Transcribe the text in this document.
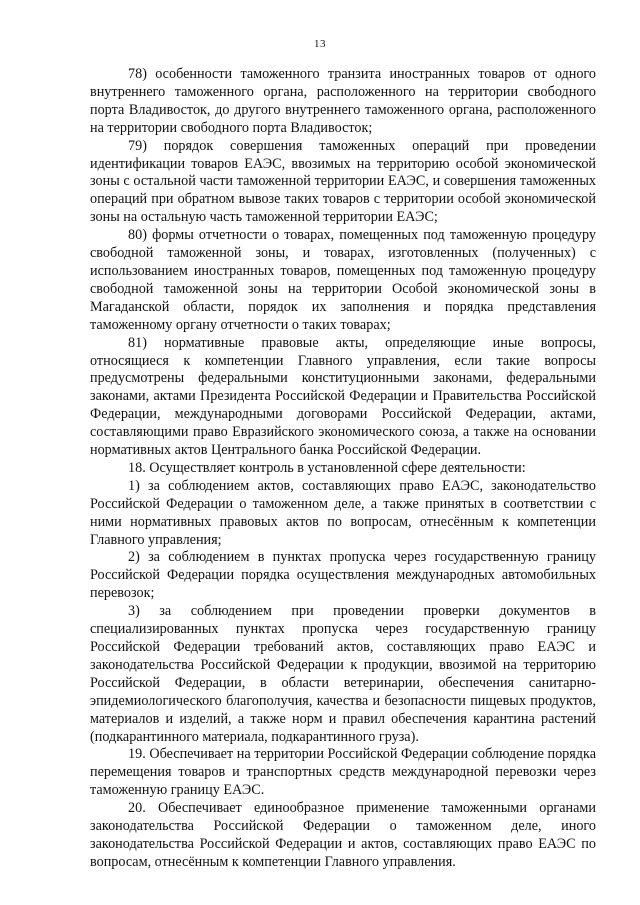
13

78) особенности таможенного транзита иностранных товаров от одного внутреннего таможенного органа, расположенного на территории свободного порта Владивосток, до другого внутреннего таможенного органа, расположенного на территории свободного порта Владивосток;

79) порядок совершения таможенных операций при проведении идентификации товаров ЕАЭС, ввозимых на территорию особой экономической зоны с остальной части таможенной территории ЕАЭС, и совершения таможенных операций при обратном вывозе таких товаров с территории особой экономической зоны на остальную часть таможенной территории ЕАЭС;

80) формы отчетности о товарах, помещенных под таможенную процедуру свободной таможенной зоны, и товарах, изготовленных (полученных) с использованием иностранных товаров, помещенных под таможенную процедуру свободной таможенной зоны на территории Особой экономической зоны в Магаданской области, порядок их заполнения и порядка представления таможенному органу отчетности о таких товарах;

81) нормативные правовые акты, определяющие иные вопросы, относящиеся к компетенции Главного управления, если такие вопросы предусмотрены федеральными конституционными законами, федеральными законами, актами Президента Российской Федерации и Правительства Российской Федерации, международными договорами Российской Федерации, актами, составляющими право Евразийского экономического союза, а также на основании нормативных актов Центрального банка Российской Федерации.

18. Осуществляет контроль в установленной сфере деятельности:

1) за соблюдением актов, составляющих право ЕАЭС, законодательство Российской Федерации о таможенном деле, а также принятых в соответствии с ними нормативных правовых актов по вопросам, отнесённым к компетенции Главного управления;

2) за соблюдением в пунктах пропуска через государственную границу Российской Федерации порядка осуществления международных автомобильных перевозок;

3) за соблюдением при проведении проверки документов в специализированных пунктах пропуска через государственную границу Российской Федерации требований актов, составляющих право ЕАЭС и законодательства Российской Федерации к продукции, ввозимой на территорию Российской Федерации, в области ветеринарии, обеспечения санитарно-эпидемиологического благополучия, качества и безопасности пищевых продуктов, материалов и изделий, а также норм и правил обеспечения карантина растений (подкарантинного материала, подкарантинного груза).

19. Обеспечивает на территории Российской Федерации соблюдение порядка перемещения товаров и транспортных средств международной перевозки через таможенную границу ЕАЭС.

20. Обеспечивает единообразное применение таможенными органами законодательства Российской Федерации о таможенном деле, иного законодательства Российской Федерации и актов, составляющих право ЕАЭС по вопросам, отнесённым к компетенции Главного управления.
